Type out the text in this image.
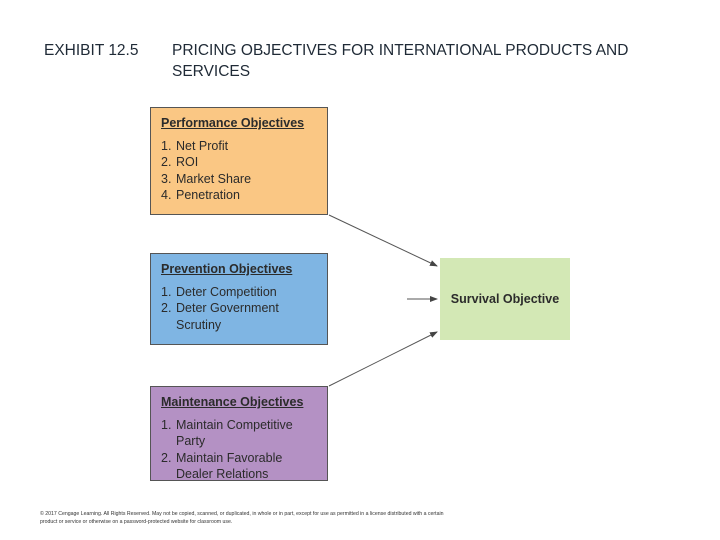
EXHIBIT 12.5 PRICING OBJECTIVES FOR INTERNATIONAL PRODUCTS AND SERVICES
Performance Objectives
1. Net Profit
2. ROI
3. Market Share
4. Penetration
Prevention Objectives
1. Deter Competition
2. Deter Government Scrutiny
Maintenance Objectives
1. Maintain Competitive Party
2. Maintain Favorable Dealer Relations
Survival Objective
© 2017 Cengage Learning. All Rights Reserved. May not be copied, scanned, or duplicated, in whole or in part, except for use as permitted in a license distributed with a certain product or service or otherwise on a password-protected website for classroom use.
